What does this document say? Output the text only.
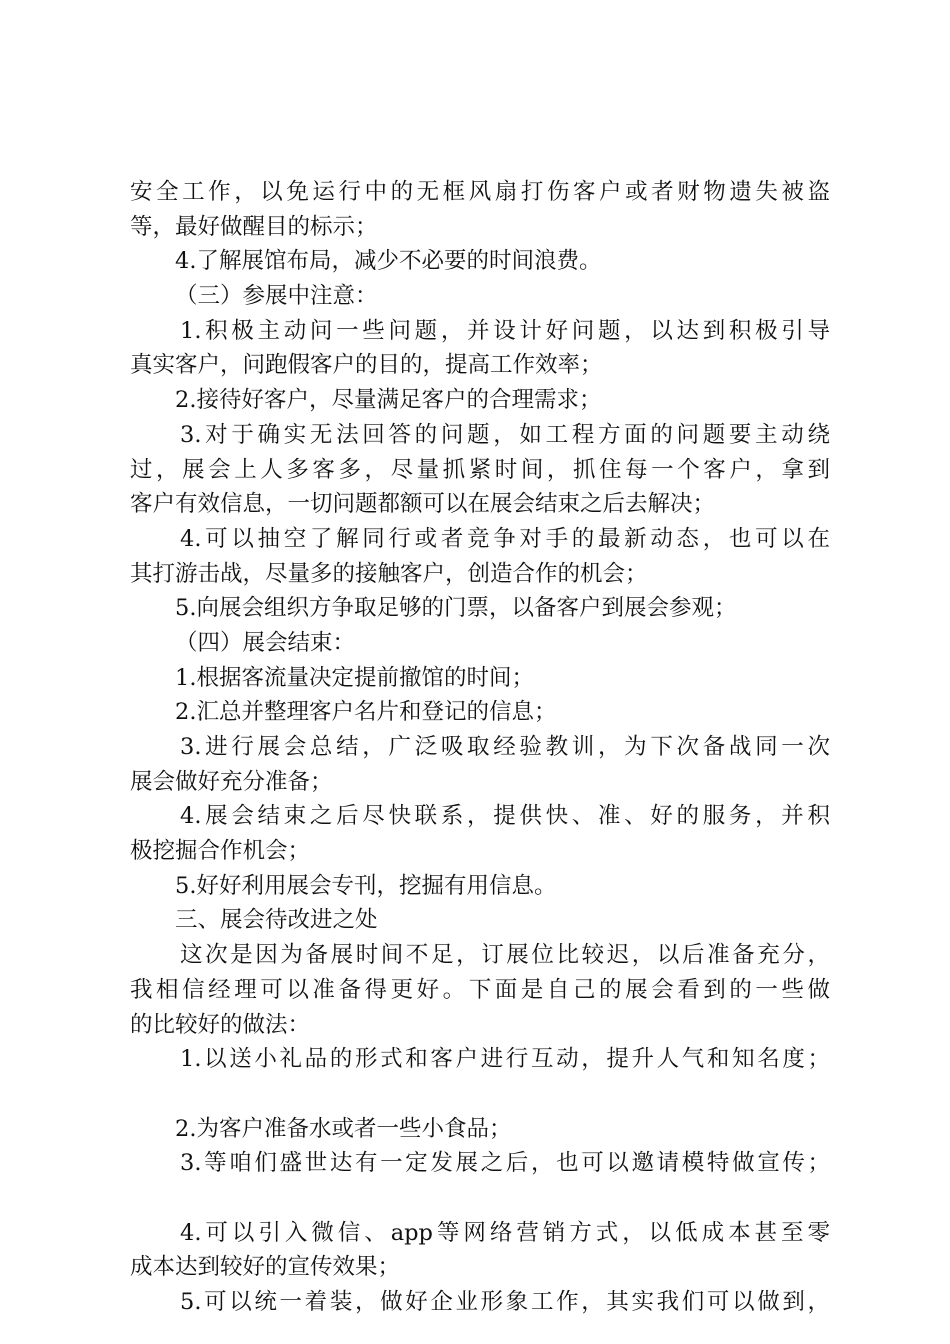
安全工作，以免运行中的无框风扇打伤客户或者财物遗失被盗
等，最好做醒目的标示；
4.了解展馆布局，减少不必要的时间浪费。
（三）参展中注意：
1.积极主动问一些问题，并设计好问题，以达到积极引导
真实客户，问跑假客户的目的，提高工作效率；
2.接待好客户，尽量满足客户的合理需求；
3.对于确实无法回答的问题，如工程方面的问题要主动绕
过，展会上人多客多，尽量抓紧时间，抓住每一个客户，拿到
客户有效信息，一切问题都额可以在展会结束之后去解决；
4.可以抽空了解同行或者竞争对手的最新动态，也可以在
其打游击战，尽量多的接触客户，创造合作的机会；
5.向展会组织方争取足够的门票，以备客户到展会参观；
（四）展会结束：
1.根据客流量决定提前撤馆的时间；
2.汇总并整理客户名片和登记的信息；
3.进行展会总结，广泛吸取经验教训，为下次备战同一次
展会做好充分准备；
4.展会结束之后尽快联系，提供快、准、好的服务，并积
极挖掘合作机会；
5.好好利用展会专刊，挖掘有用信息。
三、展会待改进之处
这次是因为备展时间不足，订展位比较迟，以后准备充分，
我相信经理可以准备得更好。下面是自己的展会看到的一些做
的比较好的做法：
1.以送小礼品的形式和客户进行互动，提升人气和知名度；
2.为客户准备水或者一些小食品；
3.等咱们盛世达有一定发展之后，也可以邀请模特做宣传；
4.可以引入微信、app等网络营销方式，以低成本甚至零
成本达到较好的宣传效果；
5.可以统一着装，做好企业形象工作，其实我们可以做到，
